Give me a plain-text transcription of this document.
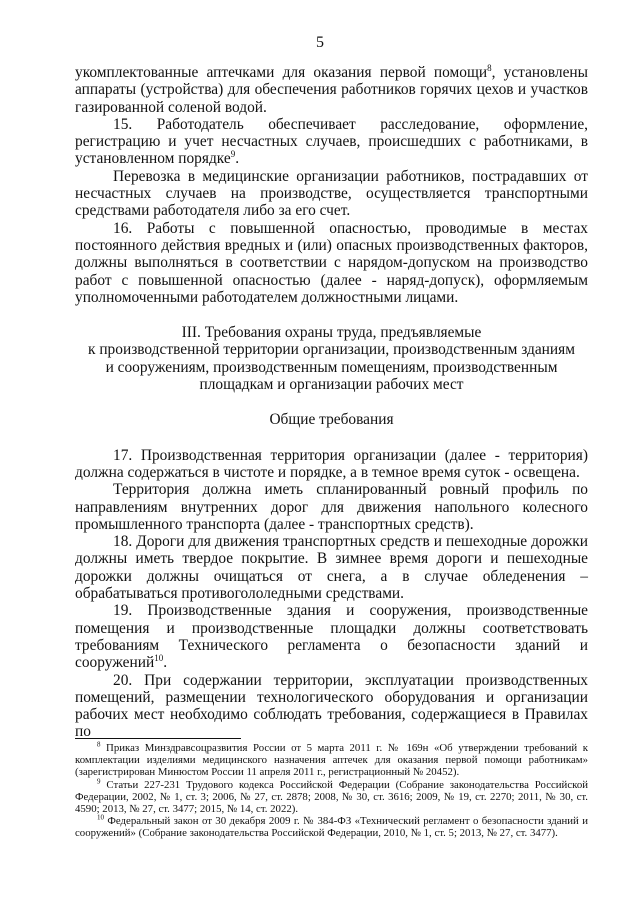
5

укомплектованные аптечками для оказания первой помощи$^8$, установлены аппараты (устройства) для обеспечения работников горячих цехов и участков газированной соленой водой.

15. Работодатель обеспечивает расследование, оформление, регистрацию и учет несчастных случаев, происшедших с работниками, в установленном порядке$^9$.

Перевозка в медицинские организации работников, пострадавших от несчастных случаев на производстве, осуществляется транспортными средствами работодателя либо за его счет.

16. Работы с повышенной опасностью, проводимые в местах постоянного действия вредных и (или) опасных производственных факторов, должны выполняться в соответствии с нарядом-допуском на производство работ с повышенной опасностью (далее - наряд-допуск), оформляемым уполномоченными работодателем должностными лицами.

III. Требования охраны труда, предъявляемые
к производственной территории организации, производственным зданиям
и сооружениям, производственным помещениям, производственным
площадкам и организации рабочих мест
Общие требования

17. Производственная территория организации (далее - территория) должна содержаться в чистоте и порядке, а в темное время суток - освещена.

Территория должна иметь спланированный ровный профиль по направлениям внутренних дорог для движения напольного колесного промышленного транспорта (далее - транспортных средств).

18. Дороги для движения транспортных средств и пешеходные дорожки должны иметь твердое покрытие. В зимнее время дороги и пешеходные дорожки должны очищаться от снега, а в случае обледенения – обрабатываться противогололедными средствами.

19. Производственные здания и сооружения, производственные помещения и производственные площадки должны соответствовать требованиям Технического регламента о безопасности зданий и сооружений$^{10}$.

20. При содержании территории, эксплуатации производственных помещений, размещении технологического оборудования и организации рабочих мест необходимо соблюдать требования, содержащиеся в Правилах по

$^8$ Приказ Минздравсоцразвития России от 5 марта 2011 г. № 169н «Об утверждении требований к комплектации изделиями медицинского назначения аптечек для оказания первой помощи работникам» (зарегистрирован Минюстом России 11 апреля 2011 г., регистрационный № 20452).

$^9$ Статьи 227-231 Трудового кодекса Российской Федерации (Собрание законодательства Российской Федерации, 2002, № 1, ст. 3; 2006, № 27, ст. 2878; 2008, № 30, ст. 3616; 2009, № 19, ст. 2270; 2011, № 30, ст. 4590; 2013, № 27, ст. 3477; 2015, № 14, ст. 2022).

$^{10}$ Федеральный закон от 30 декабря 2009 г. № 384-ФЗ «Технический регламент о безопасности зданий и сооружений» (Собрание законодательства Российской Федерации, 2010, № 1, ст. 5; 2013, № 27, ст. 3477).
